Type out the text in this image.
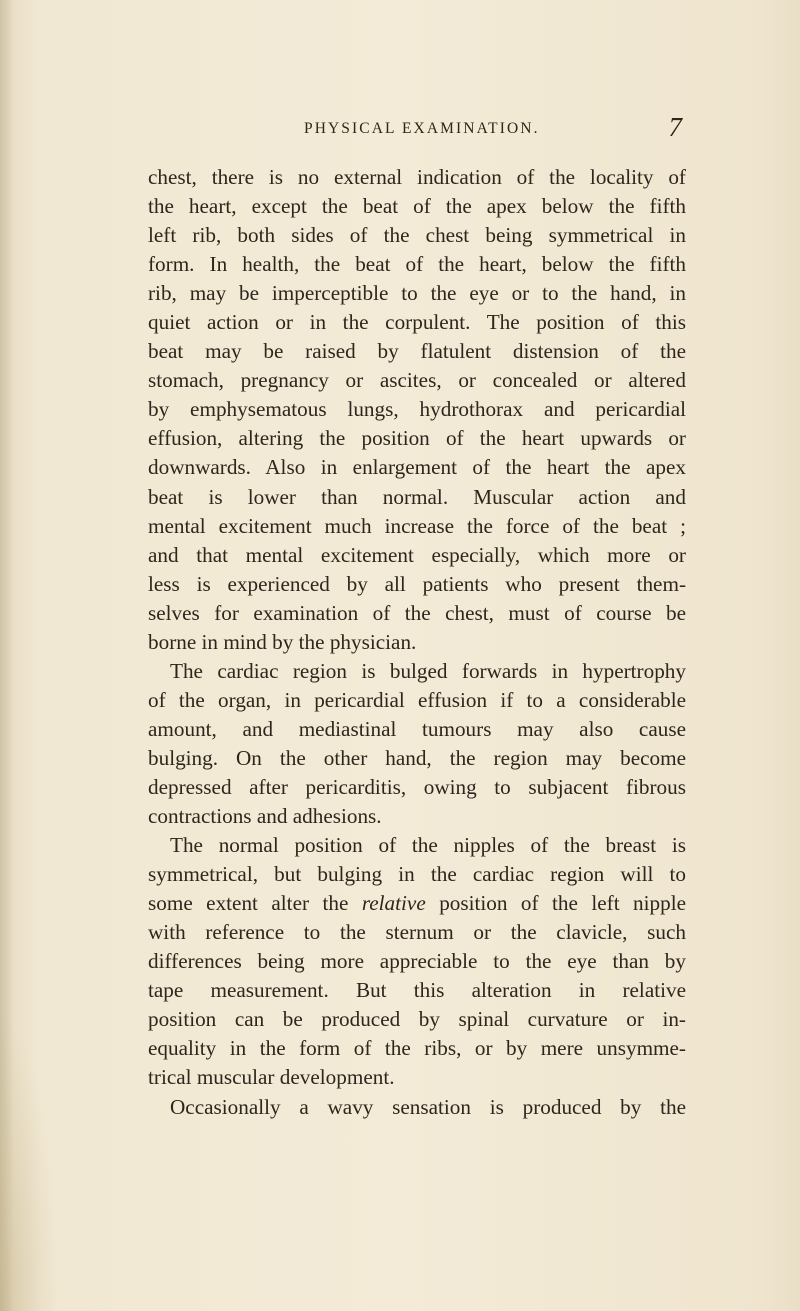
PHYSICAL EXAMINATION.	7

chest, there is no external indication of the locality of
the heart, except the beat of the apex below the fifth
left rib, both sides of the chest being symmetrical in
form. In health, the beat of the heart, below the fifth
rib, may be imperceptible to the eye or to the hand, in
quiet action or in the corpulent. The position of this
beat may be raised by flatulent distension of the
stomach, pregnancy or ascites, or concealed or altered
by emphysematous lungs, hydrothorax and pericardial
effusion, altering the position of the heart upwards or
downwards. Also in enlargement of the heart the apex
beat is lower than normal. Muscular action and
mental excitement much increase the force of the beat ;
and that mental excitement especially, which more or
less is experienced by all patients who present them-
selves for examination of the chest, must of course be
borne in mind by the physician.

The cardiac region is bulged forwards in hypertrophy
of the organ, in pericardial effusion if to a considerable
amount, and mediastinal tumours may also cause
bulging. On the other hand, the region may become
depressed after pericarditis, owing to subjacent fibrous
contractions and adhesions.

The normal position of the nipples of the breast is
symmetrical, but bulging in the cardiac region will to
some extent alter the relative position of the left nipple
with reference to the sternum or the clavicle, such
differences being more appreciable to the eye than by
tape measurement. But this alteration in relative
position can be produced by spinal curvature or in-
equality in the form of the ribs, or by mere unsymme-
trical muscular development.

Occasionally a wavy sensation is produced by the
